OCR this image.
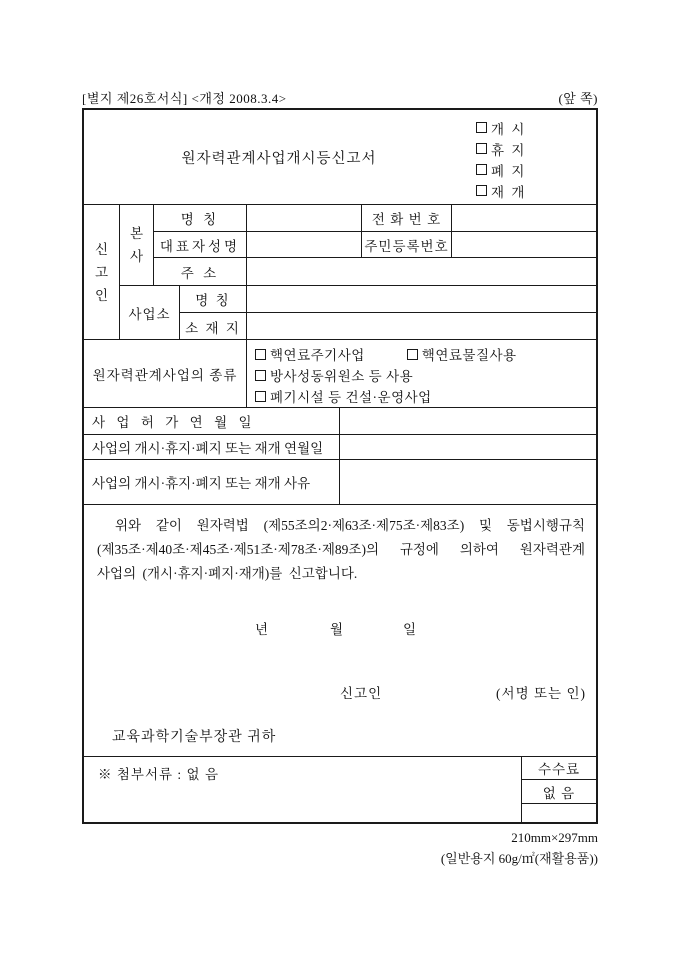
[별지 제26호서식] <개정 2008.3.4>	(앞 쪽)
원자력관계사업개시등신고서
개 시
휴 지
폐 지
재 개
신고인
본사
명 칭	전 화 번 호
대표자성명	주민등록번호
주 소
사업소
명 칭
소 재 지
원자력관계사업의 종류
핵연료주기사업	핵연료물질사용
방사성동위원소 등 사용
폐기시설 등 건설·운영사업
사 업 허 가 연 월 일
사업의 개시·휴지·폐지 또는 재개 연월일
사업의 개시·휴지·폐지 또는 재개 사유
위와 같이 원자력법 (제55조의2·제63조·제75조·제83조) 및 동법시행규칙
(제35조·제40조·제45조·제51조·제78조·제89조)의 규정에 의하여 원자력관계
사업의 (개시·휴지·폐지·재개)를 신고합니다.
년	월	일
신고인	(서명 또는 인)
교육과학기술부장관 귀하
※ 첨부서류 : 없 음	수수료
없 음
210mm×297mm
(일반용지 60g/㎡(재활용품))
